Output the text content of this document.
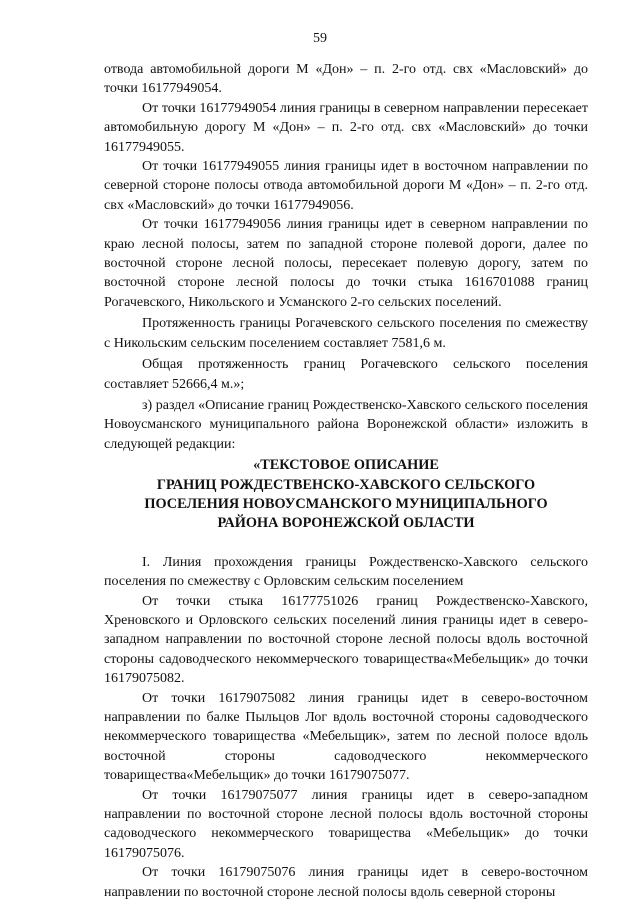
59

отвода автомобильной дороги М «Дон» – п. 2-го отд. свх «Масловский» до точки 16177949054.

От точки 16177949054 линия границы в северном направлении пересекает автомобильную дорогу М «Дон» – п. 2-го отд. свх «Масловский» до точки 16177949055.

От точки 16177949055 линия границы идет в восточном направлении по северной стороне полосы отвода автомобильной дороги М «Дон» – п. 2-го отд. свх «Масловский» до точки 16177949056.

От точки 16177949056 линия границы идет в северном направлении по краю лесной полосы, затем по западной стороне полевой дороги, далее по восточной стороне лесной полосы, пересекает полевую дорогу, затем по восточной стороне лесной полосы до точки стыка 1616701088 границ Рогачевского, Никольского и Усманского 2-го сельских поселений.

Протяженность границы Рогачевского сельского поселения по смежеству с Никольским сельским поселением составляет 7581,6 м.

Общая протяженность границ Рогачевского сельского поселения составляет 52666,4 м.»;

з) раздел «Описание границ Рождественско-Хавского сельского поселения Новоусманского муниципального района Воронежской области» изложить в следующей редакции:

«ТЕКСТОВОЕ ОПИСАНИЕ
ГРАНИЦ РОЖДЕСТВЕНСКО-ХАВСКОГО СЕЛЬСКОГО
ПОСЕЛЕНИЯ НОВОУСМАНСКОГО МУНИЦИПАЛЬНОГО
РАЙОНА ВОРОНЕЖСКОЙ ОБЛАСТИ

I. Линия прохождения границы Рождественско-Хавского сельского поселения по смежеству с Орловским сельским поселением

От точки стыка 16177751026 границ Рождественско-Хавского, Хреновского и Орловского сельских поселений линия границы идет в северо-западном направлении по восточной стороне лесной полосы вдоль восточной стороны садоводческого некоммерческого товарищества«Мебельщик» до точки 16179075082.

От точки 16179075082 линия границы идет в северо-восточном направлении по балке Пыльцов Лог вдоль восточной стороны садоводческого некоммерческого товарищества «Мебельщик», затем по лесной полосе вдоль восточной стороны садоводческого некоммерческого товарищества«Мебельщик» до точки 16179075077.

От точки 16179075077 линия границы идет в северо-западном направлении по восточной стороне лесной полосы вдоль восточной стороны садоводческого некоммерческого товарищества «Мебельщик» до точки 16179075076.

От точки 16179075076 линия границы идет в северо-восточном направлении по восточной стороне лесной полосы вдоль северной стороны
